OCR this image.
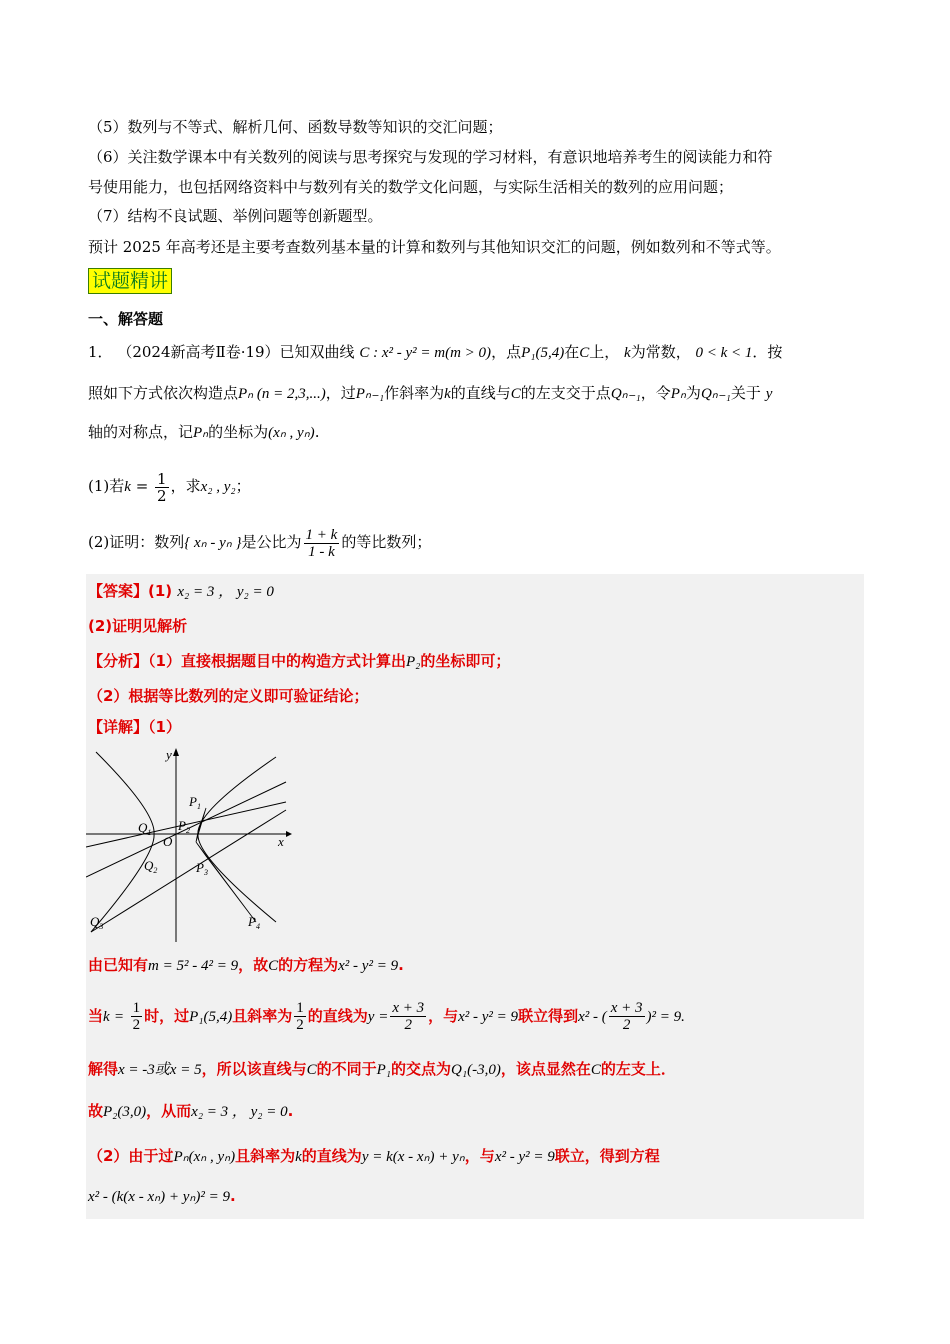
（5）数列与不等式、解析几何、函数导数等知识的交汇问题；
（6）关注数学课本中有关数列的阅读与思考探究与发现的学习材料，有意识地培养考生的阅读能力和符
号使用能力，也包括网络资料中与数列有关的数学文化问题，与实际生活相关的数列的应用问题；
（7）结构不良试题、举例问题等创新题型。
预计 2025 年高考还是主要考查数列基本量的计算和数列与其他知识交汇的问题，例如数列和不等式等。
试题精讲
一、解答题
1． （2024新高考Ⅱ卷·19）已知双曲线 C : x² - y² = m(m > 0)，点P₁(5,4)在C上， k为常数， 0 < k < 1．按
照如下方式依次构造点Pₙ (n = 2,3,...)，过Pₙ₋₁作斜率为k的直线与C的左支交于点Qₙ₋₁，令Pₙ为Qₙ₋₁关于 y
轴的对称点，记Pₙ的坐标为(xₙ , yₙ).
(1)若$k = \frac{1}{2}$ ，求x₂ , y₂；
(2)证明：数列{ xₙ - yₙ }是公比为 $\frac{1 + k}{1 - k}$ 的等比数列；
【答案】(1) x₂ = 3 ， y₂ = 0
(2)证明见解析
【分析】（1）直接根据题目中的构造方式计算出P₂的坐标即可；
（2）根据等比数列的定义即可验证结论；
【详解】（1）
y
x
O
$P_1$
$P_2$
$P_3$
$P_4$
$Q_1$
$Q_2$
$Q_3$
由已知有m = 5² - 4² = 9，故C的方程为x² - y² = 9.
当$k = \frac{1}{2}$ 时，过P₁(5,4)且斜率为 $\frac{1}{2}$ 的直线为$y = \frac{x + 3}{2}$ ，与x² - y² = 9联立得到x² - ( $\frac{x + 3}{2} )^2 = 9$.
解得x = -3或x = 5，所以该直线与C的不同于P₁的交点为Q₁(-3,0)，该点显然在C的左支上．
故P₂(3,0)，从而x₂ = 3 ， y₂ = 0.
（2）由于过Pₙ(xₙ , yₙ)且斜率为k的直线为y = k(x - xₙ) + yₙ，与x² - y² = 9联立，得到方程
x² - (k(x - xₙ) + yₙ)² = 9.
